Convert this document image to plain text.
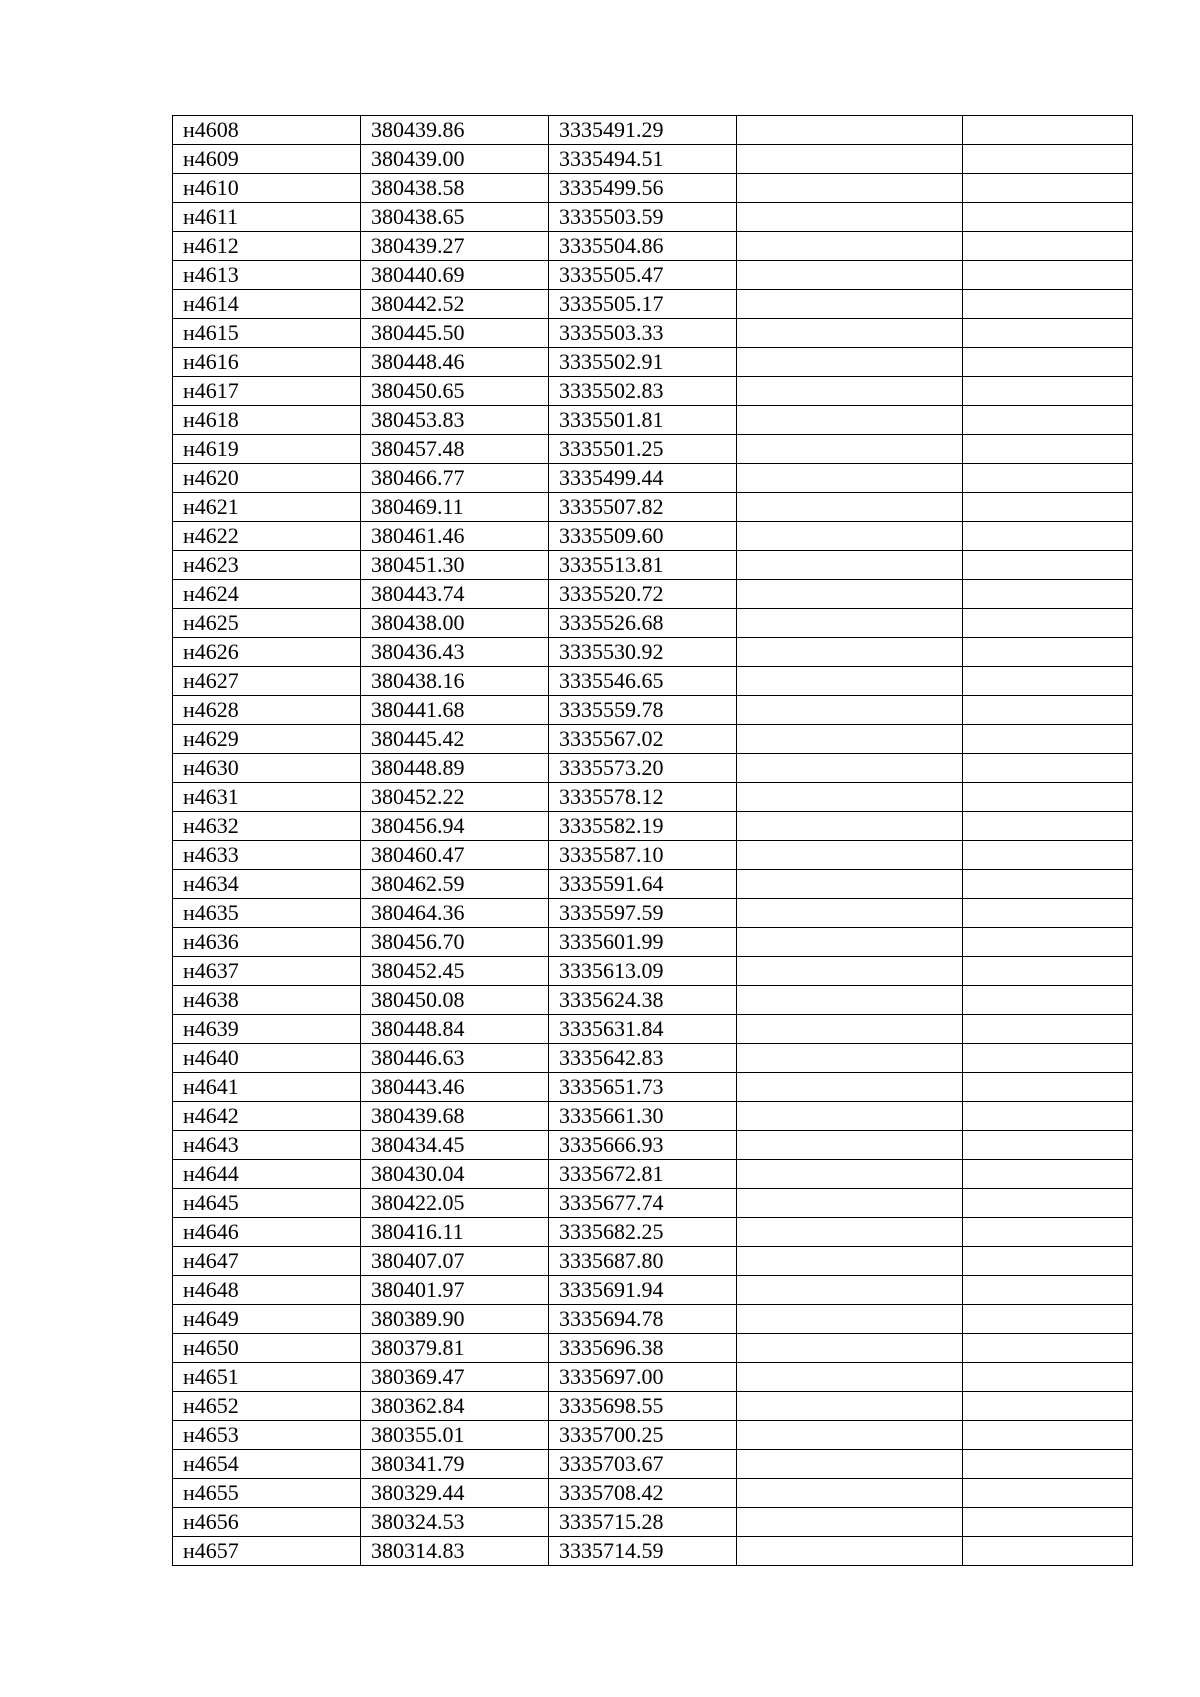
н4608	380439.86	3335491.29		
н4609	380439.00	3335494.51		
н4610	380438.58	3335499.56		
н4611	380438.65	3335503.59		
н4612	380439.27	3335504.86		
н4613	380440.69	3335505.47		
н4614	380442.52	3335505.17		
н4615	380445.50	3335503.33		
н4616	380448.46	3335502.91		
н4617	380450.65	3335502.83		
н4618	380453.83	3335501.81		
н4619	380457.48	3335501.25		
н4620	380466.77	3335499.44		
н4621	380469.11	3335507.82		
н4622	380461.46	3335509.60		
н4623	380451.30	3335513.81		
н4624	380443.74	3335520.72		
н4625	380438.00	3335526.68		
н4626	380436.43	3335530.92		
н4627	380438.16	3335546.65		
н4628	380441.68	3335559.78		
н4629	380445.42	3335567.02		
н4630	380448.89	3335573.20		
н4631	380452.22	3335578.12		
н4632	380456.94	3335582.19		
н4633	380460.47	3335587.10		
н4634	380462.59	3335591.64		
н4635	380464.36	3335597.59		
н4636	380456.70	3335601.99		
н4637	380452.45	3335613.09		
н4638	380450.08	3335624.38		
н4639	380448.84	3335631.84		
н4640	380446.63	3335642.83		
н4641	380443.46	3335651.73		
н4642	380439.68	3335661.30		
н4643	380434.45	3335666.93		
н4644	380430.04	3335672.81		
н4645	380422.05	3335677.74		
н4646	380416.11	3335682.25		
н4647	380407.07	3335687.80		
н4648	380401.97	3335691.94		
н4649	380389.90	3335694.78		
н4650	380379.81	3335696.38		
н4651	380369.47	3335697.00		
н4652	380362.84	3335698.55		
н4653	380355.01	3335700.25		
н4654	380341.79	3335703.67		
н4655	380329.44	3335708.42		
н4656	380324.53	3335715.28		
н4657	380314.83	3335714.59		
